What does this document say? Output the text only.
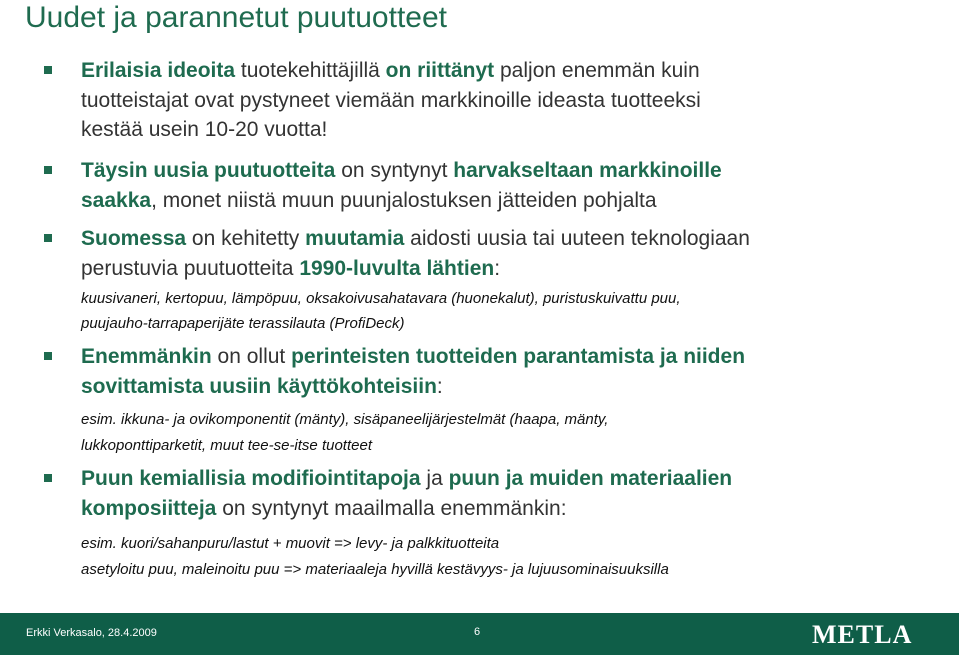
Uudet ja parannetut puutuotteet
Erilaisia ideoita tuotekehittäjillä on riittänyt paljon enemmän kuin
tuotteistajat ovat pystyneet viemään markkinoille ideasta tuotteeksi
kestää usein 10-20 vuotta!
Täysin uusia puutuotteita on syntynyt harvakseltaan markkinoille
saakka, monet niistä muun puunjalostuksen jätteiden pohjalta
Suomessa on kehitetty muutamia aidosti uusia tai uuteen teknologiaan
perustuvia puutuotteita 1990-luvulta lähtien:
kuusivaneri, kertopuu, lämpöpuu, oksakoivusahatavara (huonekalut), puristuskuivattu puu,
puujauho-tarrapaperijäte terassilauta (ProfiDeck)
Enemmänkin on ollut perinteisten tuotteiden parantamista ja niiden
sovittamista uusiin käyttökohteisiin:
esim. ikkuna- ja ovikomponentit (mänty), sisäpaneelijärjestelmät (haapa, mänty,
lukkoponttiparketit, muut tee-se-itse tuotteet
Puun kemiallisia modifiointitapoja ja puun ja muiden materiaalien
komposiitteja on syntynyt maailmalla enemmänkin:
esim. kuori/sahanpuru/lastut + muovit => levy- ja palkkituotteita
asetyloitu puu, maleinoitu puu => materiaaleja hyvillä kestävyys- ja lujuusominaisuuksilla
Erkki Verkasalo, 28.4.2009	6	METLA
